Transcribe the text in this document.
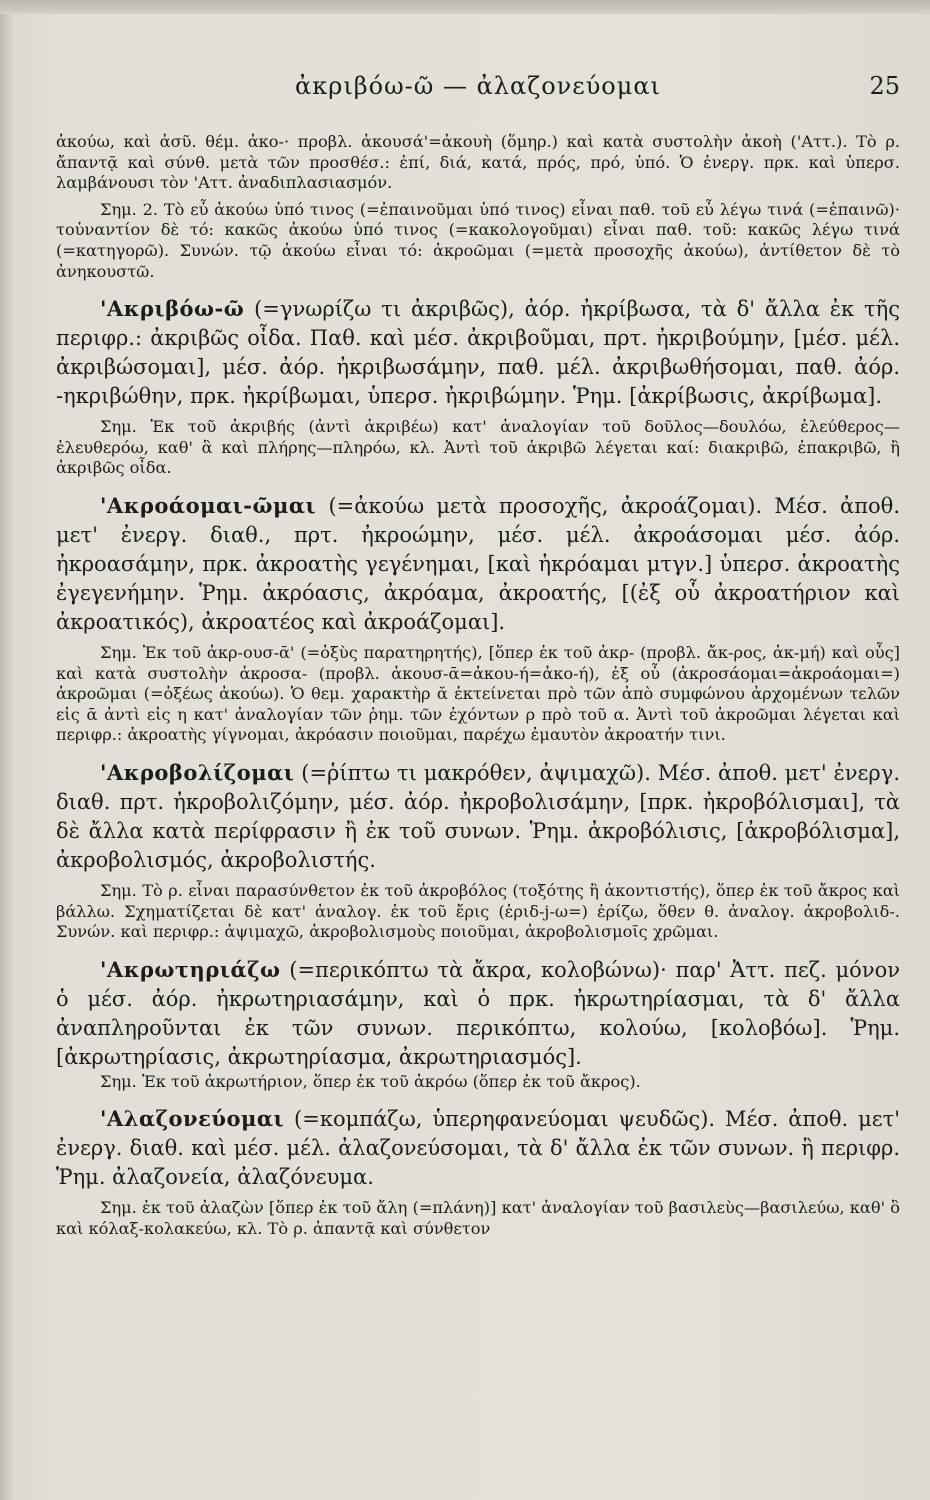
ἀκριβόω-ῶ — ἀλαζονεύομαι	25

ἀκούω, καὶ ἀσῦ. θέμ. ἀκο-· προβλ. ἀκουσά'=ἀκουὴ (ὅμηρ.) καὶ κατὰ συστολὴν ἀκοὴ ('Αττ.). Τὸ ρ. ἄπαντᾷ καὶ σύνθ. μετὰ τῶν προσθέσ.: ἐπί, διά, κατά, πρός, πρό, ὑπό. Ὁ ἐνεργ. πρκ. καὶ ὑπερσ. λαμβάνουσι τὸν 'Αττ. ἀναδιπλασιασμόν.

Σημ. 2. Τὸ εὖ ἀκούω ὑπό τινος (=ἐπαινοῦμαι ὑπό τινος) εἶναι παθ. τοῦ εὖ λέγω τινά (=ἐπαινῶ)· τοὐναντίον δὲ τό: κακῶς ἀκούω ὑπό τινος (=κακολογοῦμαι) εἶναι παθ. τοῦ: κακῶς λέγω τινά (=κατηγορῶ). Συνών. τῷ ἀκούω εἶναι τό: ἀκροῶμαι (=μετὰ προσοχῆς ἀκούω), ἀντίθετον δὲ τὸ ἀνηκουστῶ.

'Ακριβόω-ῶ (=γνωρίζω τι ἀκριβῶς), ἀόρ. ἠκρίβωσα, τὰ δ' ἄλλα ἐκ τῆς περιφρ.: ἀκριβῶς οἶδα. Παθ. καὶ μέσ. ἀκριβοῦμαι, πρτ. ἠκριβούμην, [μέσ. μέλ. ἀκριβώσομαι], μέσ. ἀόρ. ἠκριβωσάμην, παθ. μέλ. ἀκριβωθήσομαι, παθ. ἀόρ. -ηκριβώθην, πρκ. ἠκρίβωμαι, ὑπερσ. ἠκριβώμην. Ῥημ. [ἀκρίβωσις, ἀκρίβωμα].

Σημ. Ἐκ τοῦ ἀκριβής (ἀντὶ ἀκριβέω) κατ' ἀναλογίαν τοῦ δοῦλος—δουλόω, ἐλεύθερος—ἐλευθερόω, καθ' ἃ καὶ πλήρης—πληρόω, κλ. Ἀντὶ τοῦ ἀκριβῶ λέγεται καί: διακριβῶ, ἐπακριβῶ, ἢ ἀκριβῶς οἶδα.

'Ακροάομαι-ῶμαι (=ἀκούω μετὰ προσοχῆς, ἀκροάζομαι). Μέσ. ἀποθ. μετ' ἐνεργ. διαθ., πρτ. ἠκροώμην, μέσ. μέλ. ἀκροάσομαι μέσ. ἀόρ. ἠκροασάμην, πρκ. ἀκροατὴς γεγένημαι, [καὶ ἠκρόαμαι μτγν.] ὑπερσ. ἀκροατὴς ἐγεγενήμην. Ῥημ. ἀκρόασις, ἀκρόαμα, ἀκροατής, [(ἐξ οὗ ἀκροατήριον καὶ ἀκροατικός), ἀκροατέος καὶ ἀκροάζομαι].

Σημ. Ἐκ τοῦ ἀκρ-ουσ-ᾱ' (=ὀξὺς παρατηρητής), [ὅπερ ἐκ τοῦ ἀκρ- (προβλ. ἄκ-ρος, ἀκ-μή) καὶ οὖς] καὶ κατὰ συστολὴν ἀκροσα- (προβλ. ἀκουσ-ᾱ=ἀκου-ή=ἀκο-ή), ἐξ οὗ (ἀκροσάομαι=ἀκροάομαι=) ἀκροῶμαι (=ὀξέως ἀκούω). Ὁ θεμ. χαρακτὴρ ᾰ ἐκτείνεται πρὸ τῶν ἀπὸ συμφώνου ἀρχομένων τελῶν εἰς ᾱ ἀντὶ εἰς η κατ' ἀναλογίαν τῶν ῥημ. τῶν ἐχόντων ρ πρὸ τοῦ α. Ἀντὶ τοῦ ἀκροῶμαι λέγεται καὶ περιφρ.: ἀκροατὴς γίγνομαι, ἀκρόασιν ποιοῦμαι, παρέχω ἐμαυτὸν ἀκροατήν τινι.

'Ακροβολίζομαι (=ῥίπτω τι μακρόθεν, ἀψιμαχῶ). Μέσ. ἀποθ. μετ' ἐνεργ. διαθ. πρτ. ἠκροβολιζόμην, μέσ. ἀόρ. ἠκροβολισάμην, [πρκ. ἠκροβόλισμαι], τὰ δὲ ἄλλα κατὰ περίφρασιν ἢ ἐκ τοῦ συνων. Ῥημ. ἀκροβόλισις, [ἀκροβόλισμα], ἀκροβολισμός, ἀκροβολιστής.

Σημ. Τὸ ρ. εἶναι παρασύνθετον ἐκ τοῦ ἀκροβόλος (τοξότης ἢ ἀκοντιστής), ὅπερ ἐκ τοῦ ἄκρος καὶ βάλλω. Σχηματίζεται δὲ κατ' ἀναλογ. ἐκ τοῦ ἔρις (ἐριδ-j-ω=) ἐρίζω, ὅθεν θ. ἀναλογ. ἀκροβολιδ-. Συνών. καὶ περιφρ.: ἀψιμαχῶ, ἀκροβολισμοὺς ποιοῦμαι, ἀκροβολισμοῖς χρῶμαι.

'Ακρωτηριάζω (=περικόπτω τὰ ἄκρα, κολοβώνω)· παρ' Ἀττ. πεζ. μόνον ὁ μέσ. ἀόρ. ἠκρωτηριασάμην, καὶ ὁ πρκ. ἠκρωτηρίασμαι, τὰ δ' ἄλλα ἀναπληροῦνται ἐκ τῶν συνων. περικόπτω, κολούω, [κολοβόω]. Ῥημ. [ἀκρωτηρίασις, ἀκρωτηρίασμα, ἀκρωτηριασμός].

Σημ. Ἐκ τοῦ ἀκρωτήριον, ὅπερ ἐκ τοῦ ἀκρόω (ὅπερ ἐκ τοῦ ἄκρος).

'Αλαζονεύομαι (=κομπάζω, ὑπερηφανεύομαι ψευδῶς). Μέσ. ἀποθ. μετ' ἐνεργ. διαθ. καὶ μέσ. μέλ. ἀλαζονεύσομαι, τὰ δ' ἄλλα ἐκ τῶν συνων. ἢ περιφρ. Ῥημ. ἀλαζονεία, ἀλαζόνευμα.

Σημ. ἐκ τοῦ ἀλαζὼν [ὅπερ ἐκ τοῦ ἄλη (=πλάνη)] κατ' ἀναλογίαν τοῦ βασιλεὺς—βασιλεύω, καθ' ὃ καὶ κόλαξ-κολακεύω, κλ. Τὸ ρ. ἀπαντᾷ καὶ σύνθετον
